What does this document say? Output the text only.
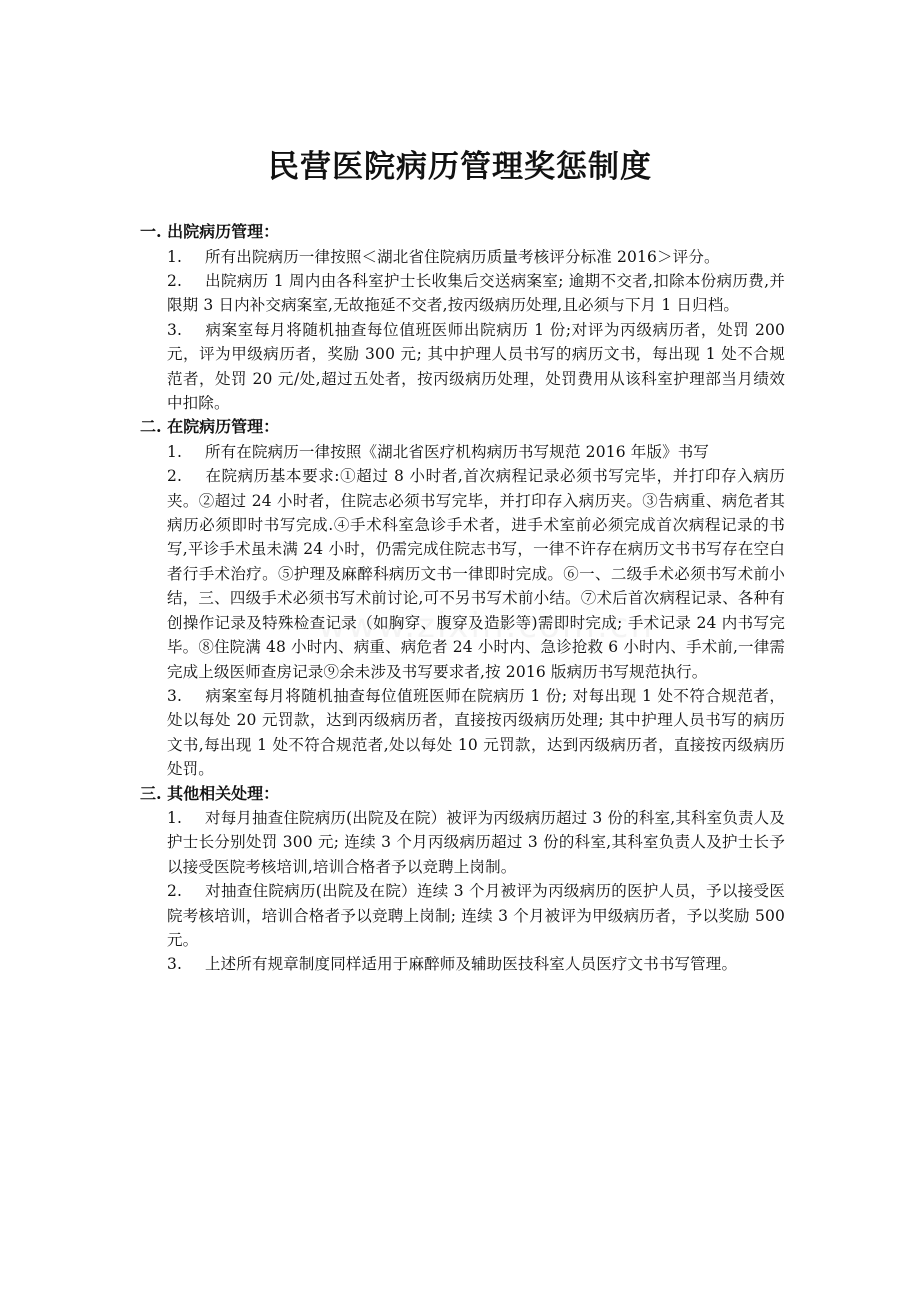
民营医院病历管理奖惩制度

一. 出院病历管理：

1. 所有出院病历一律按照＜湖北省住院病历质量考核评分标准 2016＞评分。

2. 出院病历 1 周内由各科室护士长收集后交送病案室; 逾期不交者,扣除本份病历费,并限期 3 日内补交病案室,无故拖延不交者,按丙级病历处理,且必须与下月 1 日归档。

3. 病案室每月将随机抽查每位值班医师出院病历 1 份;对评为丙级病历者，处罚 200 元，评为甲级病历者，奖励 300 元; 其中护理人员书写的病历文书，每出现 1 处不合规范者，处罚 20 元/处,超过五处者，按丙级病历处理，处罚费用从该科室护理部当月绩效中扣除。

二. 在院病历管理：

1. 所有在院病历一律按照《湖北省医疗机构病历书写规范 2016 年版》书写

2. 在院病历基本要求:①超过 8 小时者,首次病程记录必须书写完毕，并打印存入病历夹。②超过 24 小时者，住院志必须书写完毕，并打印存入病历夹。③告病重、病危者其病历必须即时书写完成.④手术科室急诊手术者，进手术室前必须完成首次病程记录的书写,平诊手术虽未满 24 小时，仍需完成住院志书写，一律不许存在病历文书书写存在空白者行手术治疗。⑤护理及麻醉科病历文书一律即时完成。⑥一、二级手术必须书写术前小结，三、四级手术必须书写术前讨论,可不另书写术前小结。⑦术后首次病程记录、各种有创操作记录及特殊检查记录（如胸穿、腹穿及造影等)需即时完成; 手术记录 24 内书写完毕。⑧住院满 48 小时内、病重、病危者 24 小时内、急诊抢救 6 小时内、手术前,一律需完成上级医师查房记录⑨余未涉及书写要求者,按 2016 版病历书写规范执行。

3. 病案室每月将随机抽查每位值班医师在院病历 1 份; 对每出现 1 处不符合规范者，处以每处 20 元罚款，达到丙级病历者，直接按丙级病历处理; 其中护理人员书写的病历文书,每出现 1 处不符合规范者,处以每处 10 元罚款，达到丙级病历者，直接按丙级病历处罚。

三. 其他相关处理：

1. 对每月抽查住院病历(出院及在院）被评为丙级病历超过 3 份的科室,其科室负责人及护士长分别处罚 300 元; 连续 3 个月丙级病历超过 3 份的科室,其科室负责人及护士长予以接受医院考核培训,培训合格者予以竞聘上岗制。

2. 对抽查住院病历(出院及在院）连续 3 个月被评为丙级病历的医护人员，予以接受医院考核培训，培训合格者予以竞聘上岗制; 连续 3 个月被评为甲级病历者，予以奖励 500 元。

3. 上述所有规章制度同样适用于麻醉师及辅助医技科室人员医疗文书书写管理。
